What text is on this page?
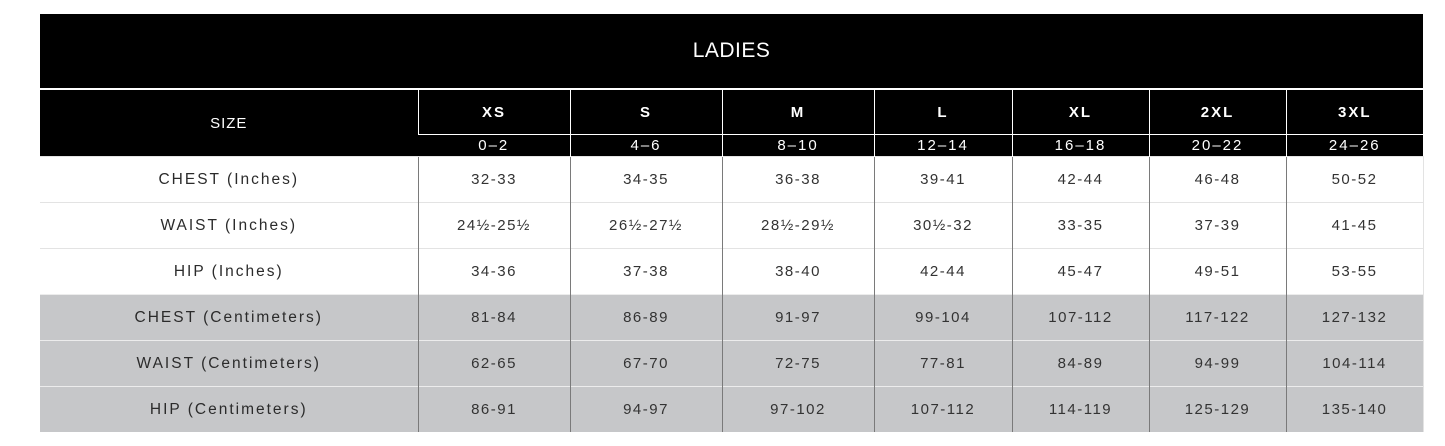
LADIES							
SIZE	XS	S	M	L	XL	2XL	3XL
	0–2	4–6	8–10	12–14	16–18	20–22	24–26
CHEST (Inches)	32-33	34-35	36-38	39-41	42-44	46-48	50-52
WAIST (Inches)	24½-25½	26½-27½	28½-29½	30½-32	33-35	37-39	41-45
HIP (Inches)	34-36	37-38	38-40	42-44	45-47	49-51	53-55
CHEST (Centimeters)	81-84	86-89	91-97	99-104	107-112	117-122	127-132
WAIST (Centimeters)	62-65	67-70	72-75	77-81	84-89	94-99	104-114
HIP (Centimeters)	86-91	94-97	97-102	107-112	114-119	125-129	135-140
